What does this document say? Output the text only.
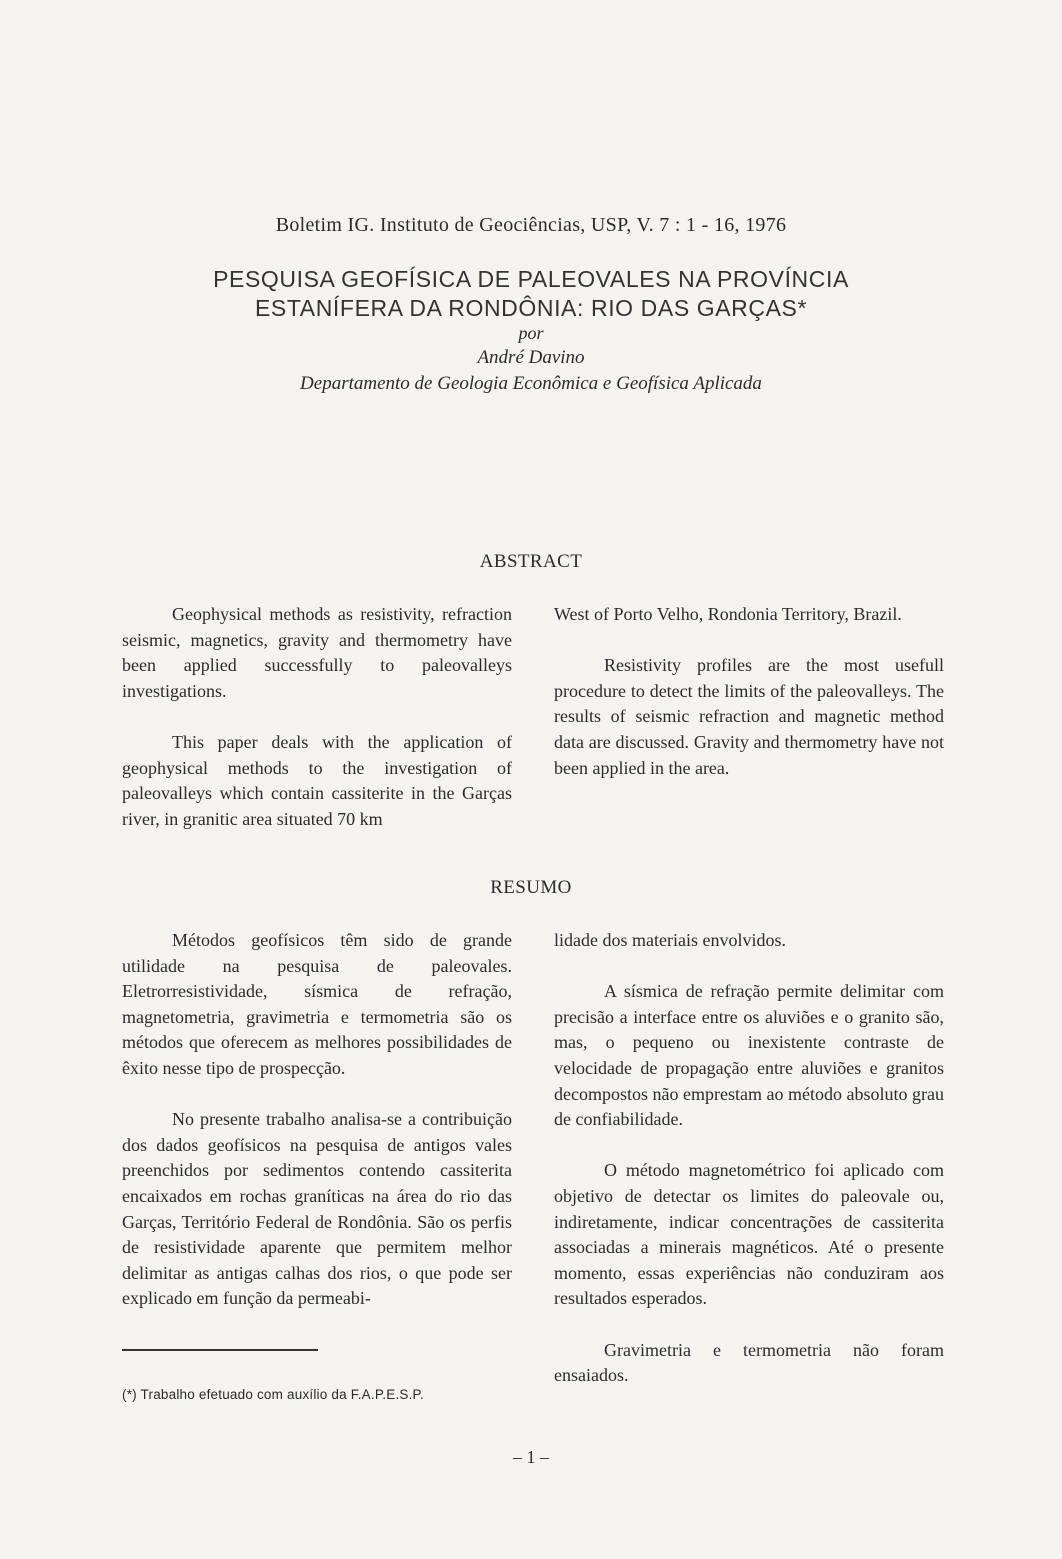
Boletim IG. Instituto de Geociências, USP, V. 7 : 1 - 16, 1976
PESQUISA GEOFÍSICA DE PALEOVALES NA PROVÍNCIA
ESTANÍFERA DA RONDÔNIA: RIO DAS GARÇAS*
por
André Davino
Departamento de Geologia Econômica e Geofísica Aplicada
ABSTRACT

Geophysical methods as resistivity, refraction seismic, magnetics, gravity and thermometry have been applied successfully to paleovalleys investigations.

This paper deals with the application of geophysical methods to the investigation of paleovalleys which contain cassiterite in the Garças river, in granitic area situated 70 km

West of Porto Velho, Rondonia Territory, Brazil.

Resistivity profiles are the most usefull procedure to detect the limits of the paleovalleys. The results of seismic refraction and magnetic method data are discussed. Gravity and thermometry have not been applied in the area.

RESUMO

Métodos geofísicos têm sido de grande utilidade na pesquisa de paleovales. Eletrorresistividade, sísmica de refração, magnetometria, gravimetria e termometria são os métodos que oferecem as melhores possibilidades de êxito nesse tipo de prospecção.

No presente trabalho analisa-se a contribuição dos dados geofísicos na pesquisa de antigos vales preenchidos por sedimentos contendo cassiterita encaixados em rochas graníticas na área do rio das Garças, Território Federal de Rondônia. São os perfis de resistividade aparente que permitem melhor delimitar as antigas calhas dos rios, o que pode ser explicado em função da permeabi-

lidade dos materiais envolvidos.

A sísmica de refração permite delimitar com precisão a interface entre os aluviões e o granito são, mas, o pequeno ou inexistente contraste de velocidade de propagação entre aluviões e granitos decompostos não emprestam ao método absoluto grau de confiabilidade.

O método magnetométrico foi aplicado com objetivo de detectar os limites do paleovale ou, indiretamente, indicar concentrações de cassiterita associadas a minerais magnéticos. Até o presente momento, essas experiências não conduziram aos resultados esperados.

Gravimetria e termometria não foram ensaiados.

(*) Trabalho efetuado com auxílio da F.A.P.E.S.P.
– 1 –
